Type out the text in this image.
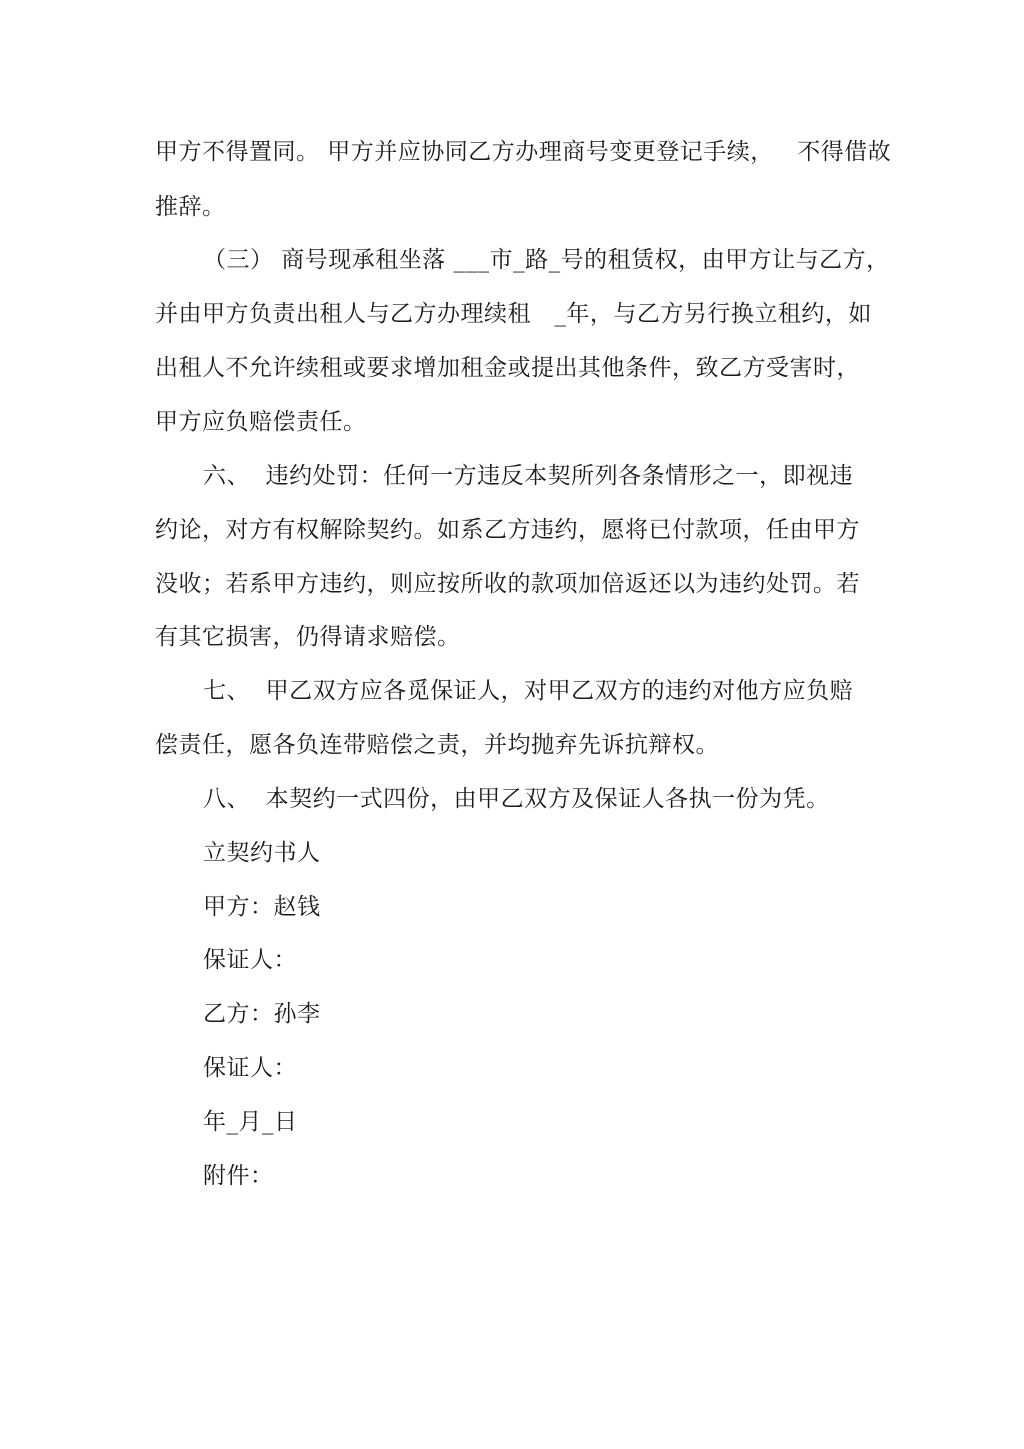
甲方不得置同。 甲方并应协同乙方办理商号变更登记手续，   不得借故
推辞。
（三） 商号现承租坐落 ___市_路_号的租赁权，由甲方让与乙方，
并由甲方负责出租人与乙方办理续租   _年，与乙方另行换立租约，如
出租人不允许续租或要求增加租金或提出其他条件，致乙方受害时，
甲方应负赔偿责任。
六、  违约处罚：任何一方违反本契所列各条情形之一，即视违
约论，对方有权解除契约。如系乙方违约，愿将已付款项，任由甲方
没收；若系甲方违约，则应按所收的款项加倍返还以为违约处罚。若
有其它损害，仍得请求赔偿。
七、  甲乙双方应各觅保证人，对甲乙双方的违约对他方应负赔
偿责任，愿各负连带赔偿之责，并均抛弃先诉抗辩权。
八、  本契约一式四份，由甲乙双方及保证人各执一份为凭。
立契约书人
甲方：赵钱
保证人：
乙方：孙李
保证人：
年_月_日
附件：
